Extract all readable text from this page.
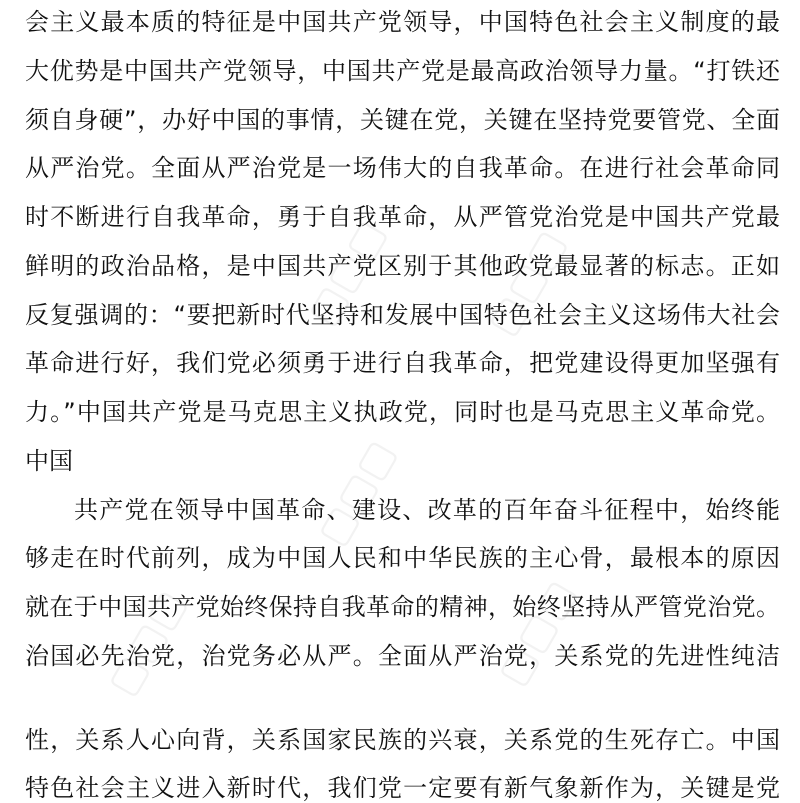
▢▢▢ ▢▢▢
▢▢▢
▢▢▢	▢▢▢
会主义最本质的特征是中国共产党领导，中国特色社会主义制度的最
大优势是中国共产党领导，中国共产党是最高政治领导力量。“打铁还
须自身硬”，办好中国的事情，关键在党，关键在坚持党要管党、全面
从严治党。全面从严治党是一场伟大的自我革命。在进行社会革命同
时不断进行自我革命，勇于自我革命，从严管党治党是中国共产党最
鲜明的政治品格，是中国共产党区别于其他政党最显著的标志。正如
反复强调的：“要把新时代坚持和发展中国特色社会主义这场伟大社会
革命进行好，我们党必须勇于进行自我革命，把党建设得更加坚强有
力。”中国共产党是马克思主义执政党，同时也是马克思主义革命党。
中国
共产党在领导中国革命、建设、改革的百年奋斗征程中，始终能
够走在时代前列，成为中国人民和中华民族的主心骨，最根本的原因
就在于中国共产党始终保持自我革命的精神，始终坚持从严管党治党。
治国必先治党，治党务必从严。全面从严治党，关系党的先进性纯洁
性，关系人心向背，关系国家民族的兴衰，关系党的生死存亡。中国
特色社会主义进入新时代，我们党一定要有新气象新作为，关键是党
